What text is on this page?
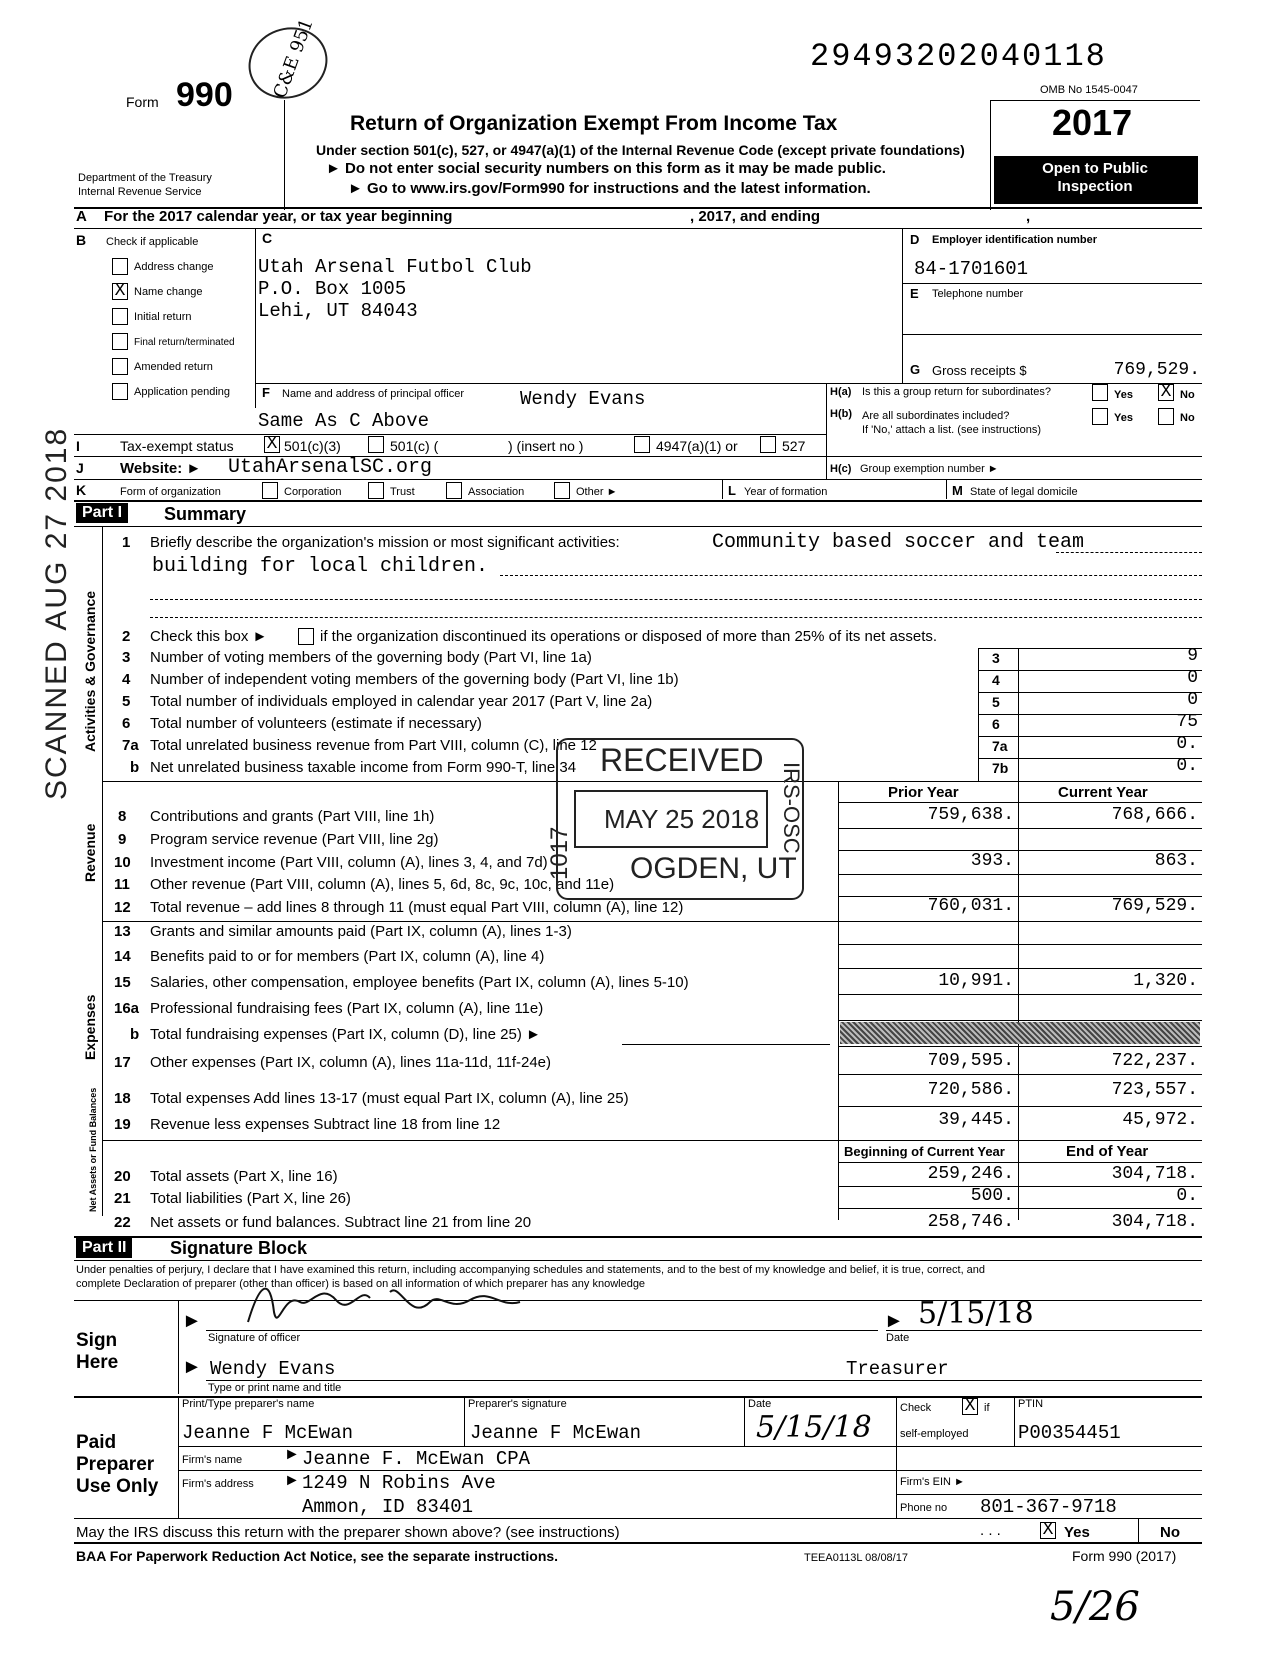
29493202040118
Form 990 C&E 951
Return of Organization Exempt From Income Tax
Under section 501(c), 527, or 4947(a)(1) of the Internal Revenue Code (except private foundations)
► Do not enter social security numbers on this form as it may be made public.
► Go to www.irs.gov/Form990 for instructions and the latest information.
Department of the Treasury
Internal Revenue Service
OMB No 1545-0047
2017
Open to Public Inspection
A For the 2017 calendar year, or tax year beginning	, 2017, and ending	,
B Check if applicable
Address change
X Name change
Initial return
Final return/terminated
Amended return
Application pending
C
Utah Arsenal Futbol Club
P.O. Box 1005
Lehi, UT 84043
D Employer identification number
84-1701601
E Telephone number
G Gross receipts $	769,529.
F Name and address of principal officer	Wendy Evans
Same As C Above
H(a) Is this a group return for subordinates?	Yes X No
H(b) Are all subordinates included?
If 'No,' attach a list. (see instructions)
Yes	No
I	Tax-exempt status X 501(c)(3)	501(c) (	) (insert no )	4947(a)(1) or	527
J Website: ► UtahArsenalSC.org	H(c) Group exemption number ►
K	Form of organization	Corporation	Trust	Association	Other ►	L Year of formation	M State of legal domicile
Part I	Summary
Activities & Governance
Revenue
Expenses
Net Assets or Fund Balances
1 Briefly describe the organization's mission or most significant activities:	Community based soccer and team
building for local children.
2 Check this box ►	if the organization discontinued its operations or disposed of more than 25% of its net assets.
3 Number of voting members of the governing body (Part VI, line 1a)	3	9
4 Number of independent voting members of the governing body (Part VI, line 1b)	4	0
5 Total number of individuals employed in calendar year 2017 (Part V, line 2a)	5	0
6 Total number of volunteers (estimate if necessary)	6	75
7a Total unrelated business revenue from Part VIII, column (C), line 12	7a	0.
b Net unrelated business taxable income from Form 990-T, line 34	7b	0.
Prior Year	Current Year
8 Contributions and grants (Part VIII, line 1h)	759,638.	768,666.
9 Program service revenue (Part VIII, line 2g)
10 Investment income (Part VIII, column (A), lines 3, 4, and 7d)	393.	863.
11 Other revenue (Part VIII, column (A), lines 5, 6d, 8c, 9c, 10c, and 11e)
12 Total revenue – add lines 8 through 11 (must equal Part VIII, column (A), line 12)	760,031.	769,529.
13 Grants and similar amounts paid (Part IX, column (A), lines 1-3)
14 Benefits paid to or for members (Part IX, column (A), line 4)
15 Salaries, other compensation, employee benefits (Part IX, column (A), lines 5-10)	10,991.	1,320.
16a Professional fundraising fees (Part IX, column (A), line 11e)
b Total fundraising expenses (Part IX, column (D), line 25) ►
17 Other expenses (Part IX, column (A), lines 11a-11d, 11f-24e)	709,595.	722,237.
18 Total expenses Add lines 13-17 (must equal Part IX, column (A), line 25)	720,586.	723,557.
19 Revenue less expenses Subtract line 18 from line 12	39,445.	45,972.
Beginning of Current Year	End of Year
20 Total assets (Part X, line 16)	259,246.	304,718.
21 Total liabilities (Part X, line 26)	500.	0.
22 Net assets or fund balances. Subtract line 21 from line 20	258,746.	304,718.
Part II	Signature Block
Under penalties of perjury, I declare that I have examined this return, including accompanying schedules and statements, and to the best of my knowledge and belief, it is true, correct, and
complete Declaration of preparer (other than officer) is based on all information of which preparer has any knowledge
Sign
Here
►
Signature of officer
► 5/15/18
Date
► Wendy Evans	Treasurer
Type or print name and title
Paid
Preparer
Use Only
Print/Type preparer's name
Jeanne F McEwan
Preparer's signature
Jeanne F McEwan
Date
5/15/18
Check X if
self-employed
PTIN
P00354451
Firm's name	► Jeanne F. McEwan CPA
Firm's EIN ►
Firm's address ► 1249 N Robins Ave
Ammon, ID 83401	Phone no 801-367-9718
May the IRS discuss this return with the preparer shown above? (see instructions)	. . . X Yes	No
BAA For Paperwork Reduction Act Notice, see the separate instructions.	TEEA0113L 08/08/17	Form 990 (2017)
5/26
SCANNED AUG 27 2018	RECEIVED
MAY 25 2018
OGDEN, UT
1017	IRS-OSC
